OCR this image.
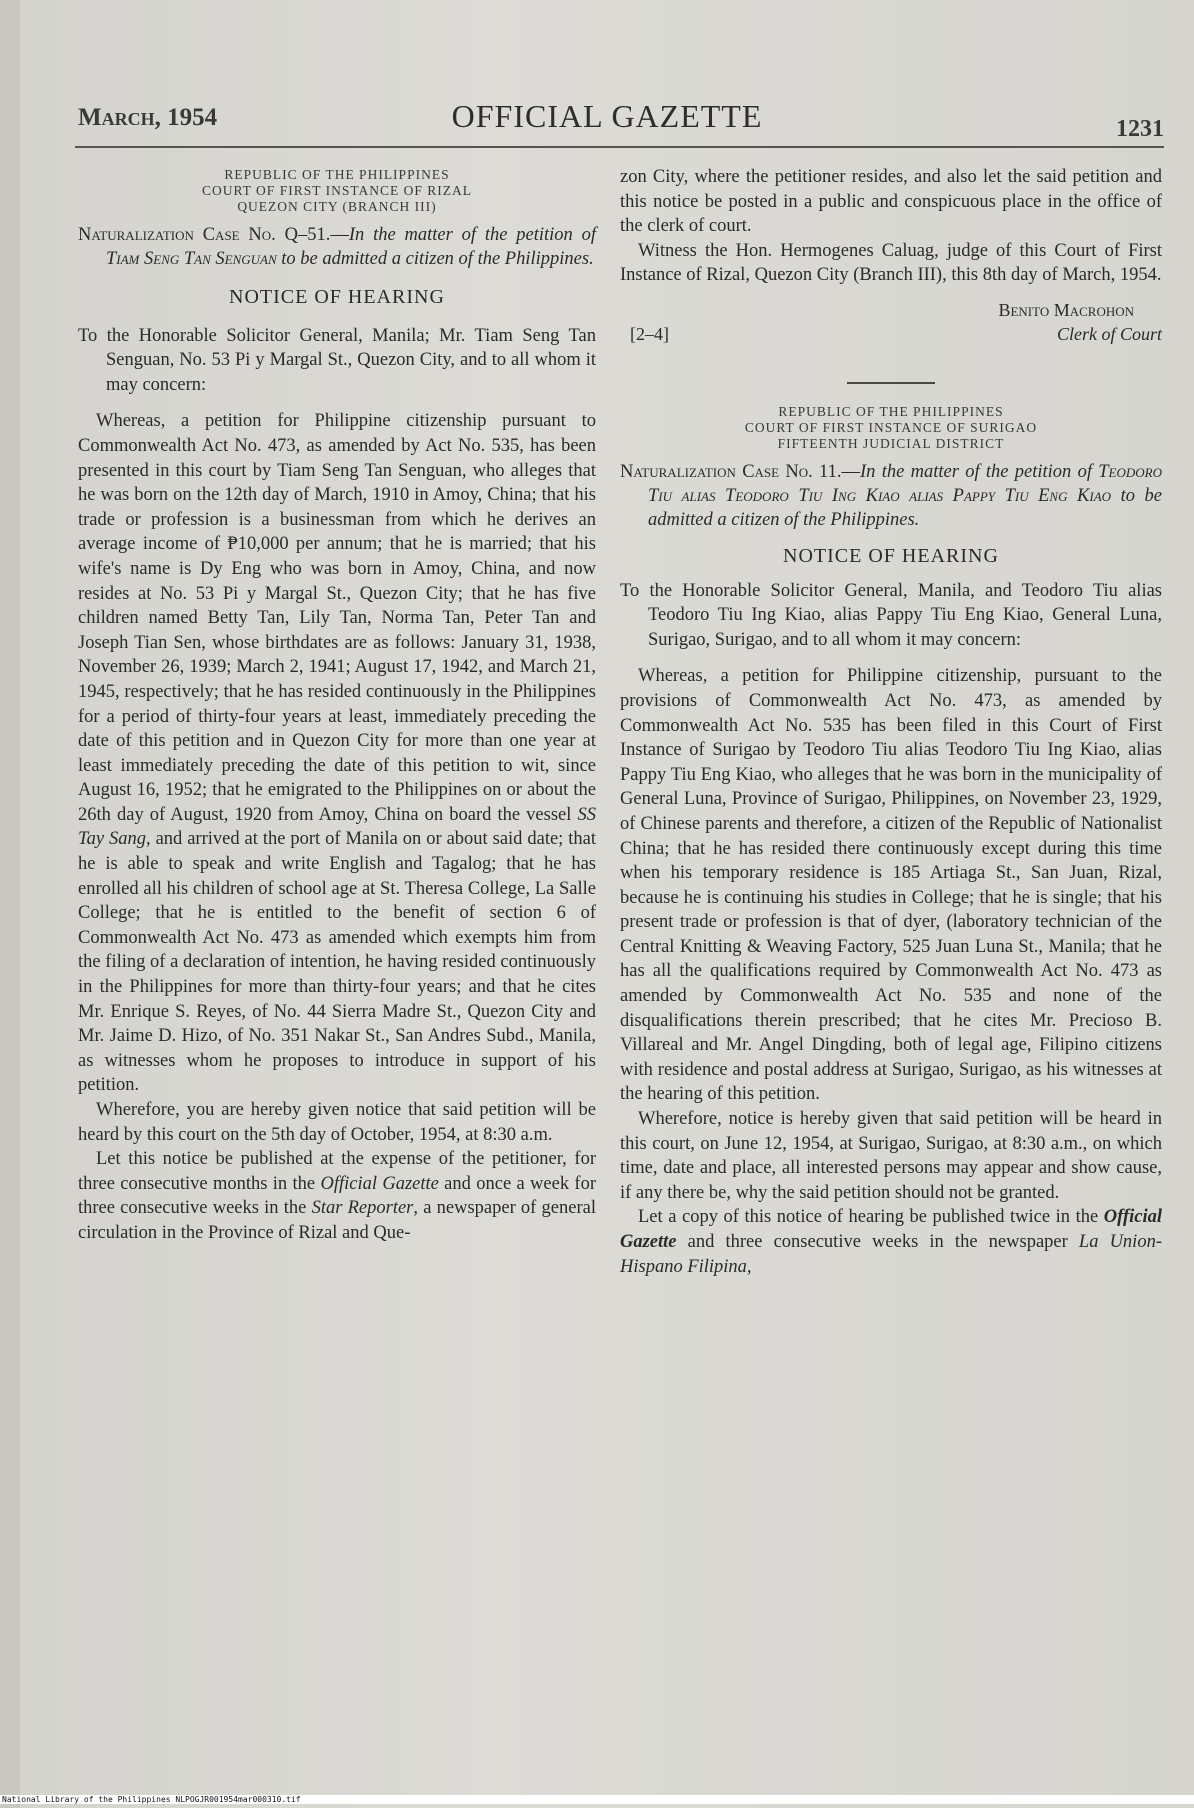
March, 1954	OFFICIAL GAZETTE	1231
REPUBLIC OF THE PHILIPPINES
COURT OF FIRST INSTANCE OF RIZAL
QUEZON CITY (BRANCH III)
Naturalization Case No. Q–51.—In the matter of the petition of Tiam Seng Tan Senguan to be admitted a citizen of the Philippines.
NOTICE OF HEARING
To the Honorable Solicitor General, Manila; Mr. Tiam Seng Tan Senguan, No. 53 Pi y Margal St., Quezon City, and to all whom it may concern:

Whereas, a petition for Philippine citizenship pursuant to Commonwealth Act No. 473, as amended by Act No. 535, has been presented in this court by Tiam Seng Tan Senguan, who alleges that he was born on the 12th day of March, 1910 in Amoy, China; that his trade or profession is a businessman from which he derives an average income of ₱10,000 per annum; that he is married; that his wife's name is Dy Eng who was born in Amoy, China, and now resides at No. 53 Pi y Margal St., Quezon City; that he has five children named Betty Tan, Lily Tan, Norma Tan, Peter Tan and Joseph Tian Sen, whose birthdates are as follows: January 31, 1938, November 26, 1939; March 2, 1941; August 17, 1942, and March 21, 1945, respectively; that he has resided continuously in the Philippines for a period of thirty-four years at least, immediately preceding the date of this petition and in Quezon City for more than one year at least immediately preceding the date of this petition to wit, since August 16, 1952; that he emigrated to the Philippines on or about the 26th day of August, 1920 from Amoy, China on board the vessel SS Tay Sang, and arrived at the port of Manila on or about said date; that he is able to speak and write English and Tagalog; that he has enrolled all his children of school age at St. Theresa College, La Salle College; that he is entitled to the benefit of section 6 of Commonwealth Act No. 473 as amended which exempts him from the filing of a declaration of intention, he having resided continuously in the Philippines for more than thirty-four years; and that he cites Mr. Enrique S. Reyes, of No. 44 Sierra Madre St., Quezon City and Mr. Jaime D. Hizo, of No. 351 Nakar St., San Andres Subd., Manila, as witnesses whom he proposes to introduce in support of his petition.

Wherefore, you are hereby given notice that said petition will be heard by this court on the 5th day of October, 1954, at 8:30 a.m.

Let this notice be published at the expense of the petitioner, for three consecutive months in the Official Gazette and once a week for three consecutive weeks in the Star Reporter, a newspaper of general circulation in the Province of Rizal and Que-

zon City, where the petitioner resides, and also let the said petition and this notice be posted in a public and conspicuous place in the office of the clerk of court.

Witness the Hon. Hermogenes Caluag, judge of this Court of First Instance of Rizal, Quezon City (Branch III), this 8th day of March, 1954.

Benito Macrohon
[2–4]	Clerk of Court
REPUBLIC OF THE PHILIPPINES
COURT OF FIRST INSTANCE OF SURIGAO
FIFTEENTH JUDICIAL DISTRICT
Naturalization Case No. 11.—In the matter of the petition of Teodoro Tiu alias Teodoro Tiu Ing Kiao alias Pappy Tiu Eng Kiao to be admitted a citizen of the Philippines.
NOTICE OF HEARING
To the Honorable Solicitor General, Manila, and Teodoro Tiu alias Teodoro Tiu Ing Kiao, alias Pappy Tiu Eng Kiao, General Luna, Surigao, Surigao, and to all whom it may concern:

Whereas, a petition for Philippine citizenship, pursuant to the provisions of Commonwealth Act No. 473, as amended by Commonwealth Act No. 535 has been filed in this Court of First Instance of Surigao by Teodoro Tiu alias Teodoro Tiu Ing Kiao, alias Pappy Tiu Eng Kiao, who alleges that he was born in the municipality of General Luna, Province of Surigao, Philippines, on November 23, 1929, of Chinese parents and therefore, a citizen of the Republic of Nationalist China; that he has resided there continuously except during this time when his temporary residence is 185 Artiaga St., San Juan, Rizal, because he is continuing his studies in College; that he is single; that his present trade or profession is that of dyer, (laboratory technician of the Central Knitting & Weaving Factory, 525 Juan Luna St., Manila; that he has all the qualifications required by Commonwealth Act No. 473 as amended by Commonwealth Act No. 535 and none of the disqualifications therein prescribed; that he cites Mr. Precioso B. Villareal and Mr. Angel Dingding, both of legal age, Filipino citizens with residence and postal address at Surigao, Surigao, as his witnesses at the hearing of this petition.

Wherefore, notice is hereby given that said petition will be heard in this court, on June 12, 1954, at Surigao, Surigao, at 8:30 a.m., on which time, date and place, all interested persons may appear and show cause, if any there be, why the said petition should not be granted.

Let a copy of this notice of hearing be published twice in the Official Gazette and three consecutive weeks in the newspaper La Union-Hispano Filipina,

National Library of the Philippines NLPOGJR001954mar000310.tif
